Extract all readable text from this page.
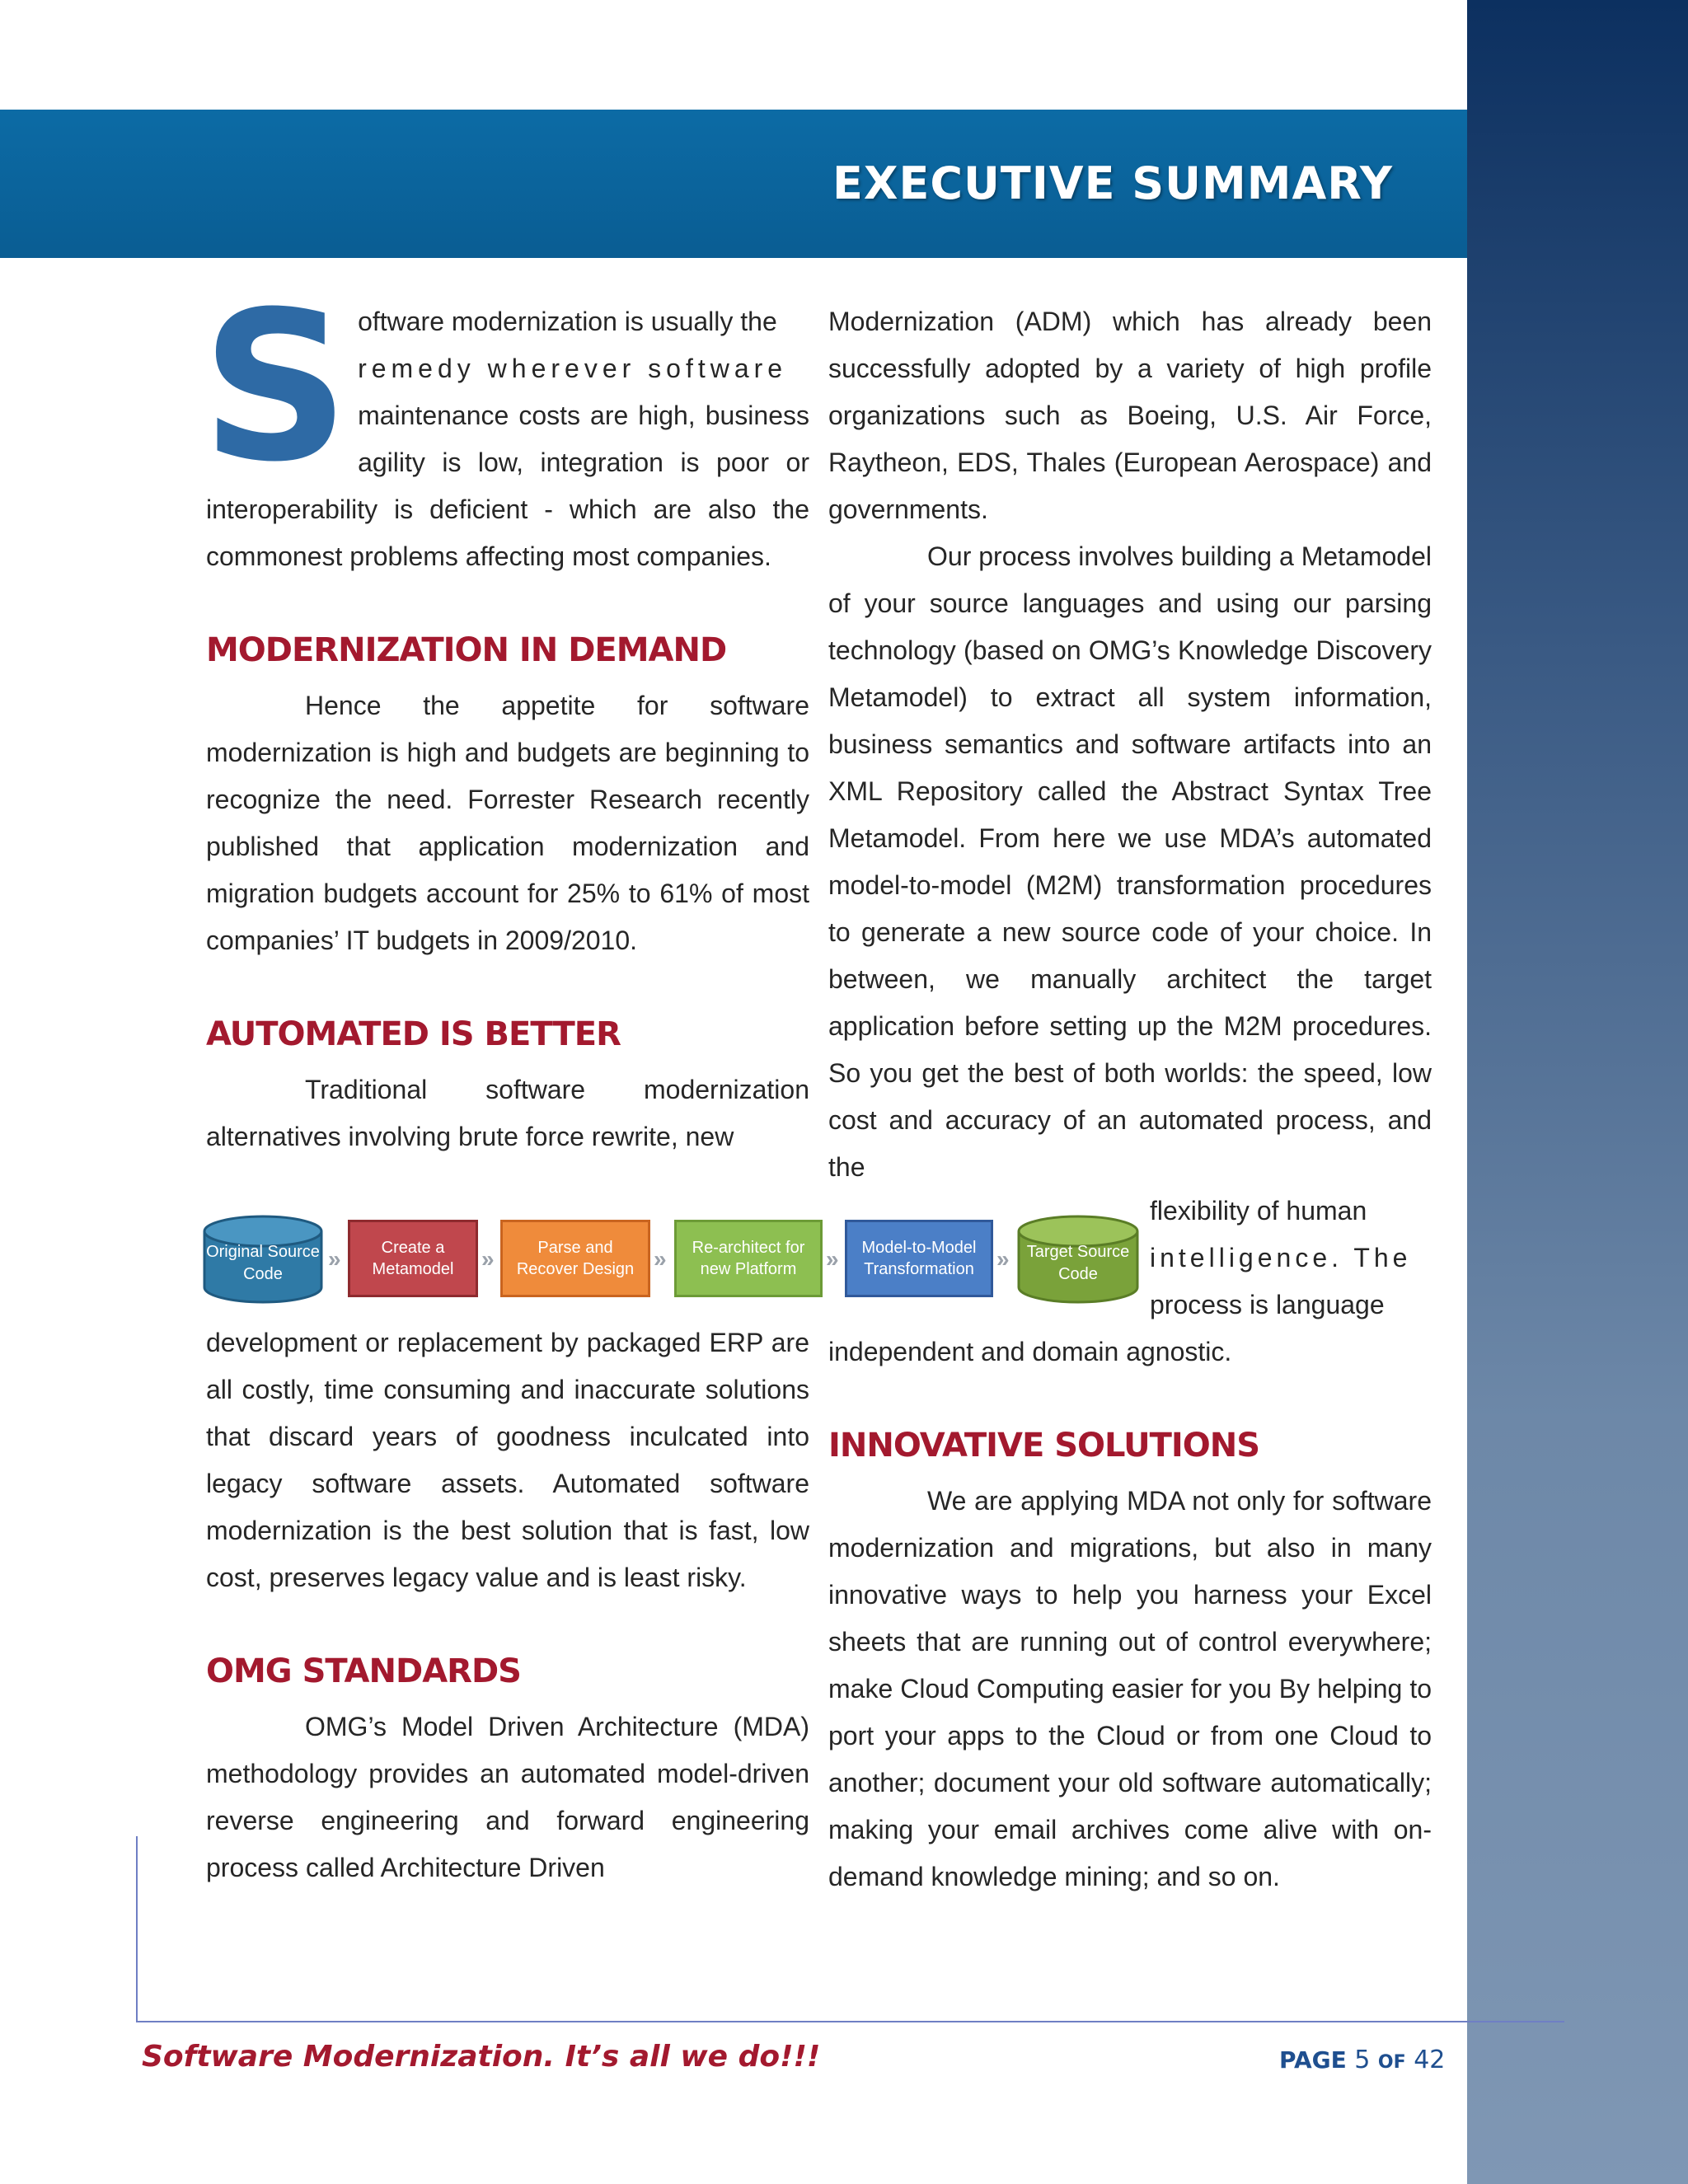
EXECUTIVE SUMMARY
S oftware modernization is usually the

remedy wherever software

maintenance costs are high, business agility is low, integration is poor or interoperability is deficient - which are also the commonest problems affecting most companies.

MODERNIZATION IN DEMAND

Hence the appetite for software modernization is high and budgets are beginning to recognize the need. Forrester Research recently published that application modernization and migration budgets account for 25% to 61% of most companies’ IT budgets in 2009/2010.

AUTOMATED IS BETTER

Traditional software modernization alternatives involving brute force rewrite, new

Modernization (ADM) which has already been successfully adopted by a variety of high profile organizations such as Boeing, U.S. Air Force, Raytheon, EDS, Thales (European Aerospace) and governments.

Our process involves building a Metamodel of your source languages and using our parsing technology (based on OMG’s Knowledge Discovery Metamodel) to extract all system information, business semantics and software artifacts into an XML Repository called the Abstract Syntax Tree Metamodel. From here we use MDA’s automated model-to-model (M2M) transformation procedures to generate a new source code of your choice. In between, we manually architect the target application before setting up the M2M procedures. So you get the best of both worlds: the speed, low cost and accuracy of an automated process, and the

Original Source Code
»	Create a Metamodel	»	Parse and Recover Design »	Re-architect for new Platform	»	Model-to-Model Transformation »	Target Source Code

flexibility of human

intelligence. The

process is language

development or replacement by packaged ERP are all costly, time consuming and inaccurate solutions that discard years of goodness inculcated into legacy software assets. Automated software modernization is the best solution that is fast, low cost, preserves legacy value and is least risky.

OMG STANDARDS

OMG’s Model Driven Architecture (MDA) methodology provides an automated model-driven reverse engineering and forward engineering process called Architecture Driven

independent and domain agnostic.

INNOVATIVE SOLUTIONS

We are applying MDA not only for software modernization and migrations, but also in many innovative ways to help you harness your Excel sheets that are running out of control everywhere; make Cloud Computing easier for you By helping to port your apps to the Cloud or from one Cloud to another; document your old software automatically; making your email archives come alive with on-demand knowledge mining; and so on.

Software Modernization. It’s all we do!!!	PAGE 5 OF 42
